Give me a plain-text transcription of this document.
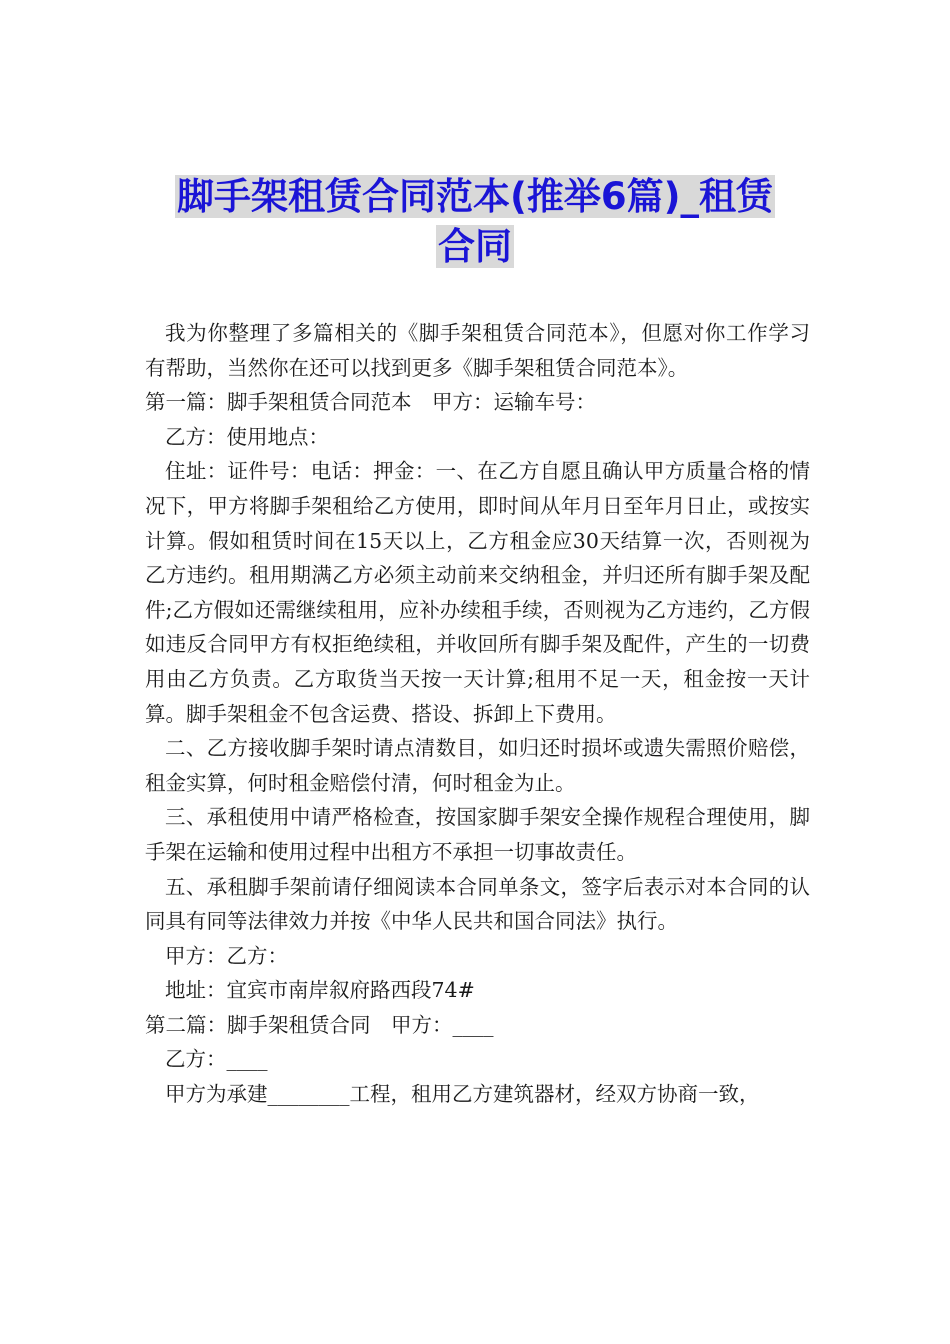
脚手架租赁合同范本(推举6篇)_租赁
合同

我为你整理了多篇相关的《脚手架租赁合同范本》，但愿对你工作学习有帮助，当然你在还可以找到更多《脚手架租赁合同范本》。

第一篇：脚手架租赁合同范本　甲方：运输车号：

乙方：使用地点：

住址：证件号：电话：押金：一、在乙方自愿且确认甲方质量合格的情况下，甲方将脚手架租给乙方使用，即时间从年月日至年月日止，或按实计算。假如租赁时间在15天以上，乙方租金应30天结算一次，否则视为乙方违约。租用期满乙方必须主动前来交纳租金，并归还所有脚手架及配件;乙方假如还需继续租用，应补办续租手续，否则视为乙方违约，乙方假如违反合同甲方有权拒绝续租，并收回所有脚手架及配件，产生的一切费用由乙方负责。乙方取货当天按一天计算;租用不足一天，租金按一天计算。脚手架租金不包含运费、搭设、拆卸上下费用。

二、乙方接收脚手架时请点清数目，如归还时损坏或遗失需照价赔偿，租金实算，何时租金赔偿付清，何时租金为止。

三、承租使用中请严格检查，按国家脚手架安全操作规程合理使用，脚手架在运输和使用过程中出租方不承担一切事故责任。

五、承租脚手架前请仔细阅读本合同单条文，签字后表示对本合同的认同具有同等法律效力并按《中华人民共和国合同法》执行。

甲方：乙方：

地址：宜宾市南岸叙府路西段74#

第二篇：脚手架租赁合同　甲方：____

乙方：____

甲方为承建________工程，租用乙方建筑器材，经双方协商一致，
